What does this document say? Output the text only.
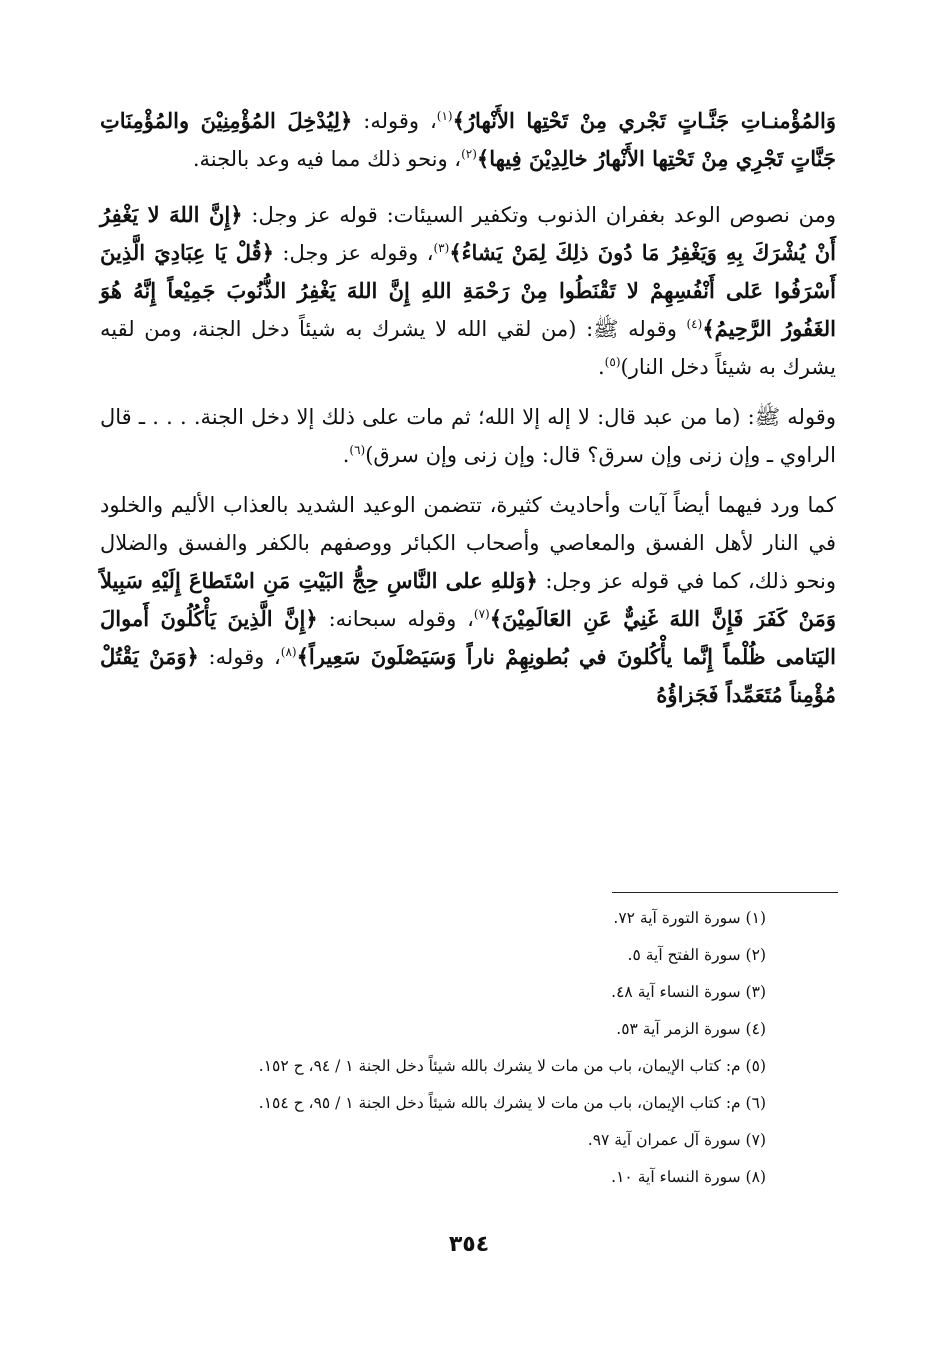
وَالمُؤْمنـاتِ جَنَّـاتٍ تَجْري مِنْ تَحْتِها الأَنْهارُ﴾$^{(١)}$، وقوله: ﴿لِيُدْخِلَ المُؤْمِنِيْنَ والمُؤْمِنَاتِ جَنَّاتٍ تَجْرِي مِنْ تَحْتِها الأَنْهارُ خالِدِيْنَ فِيها﴾$^{(٢)}$، ونحو ذلك مما فيه وعد بالجنة.

ومن نصوص الوعد بغفران الذنوب وتكفير السيئات: قوله عز وجل: ﴿إِنَّ اللهَ لا يَغْفِرُ أَنْ يُشْرَكَ بِهِ وَيَغْفِرُ مَا دُونَ ذلِكَ لِمَنْ يَشاءُ﴾$^{(٣)}$، وقوله عز وجل: ﴿قُلْ يَا عِبَادِيَ الَّذِينَ أَسْرَفُوا عَلى أَنْفُسِهِمْ لا تَقْنَطُوا مِنْ رَحْمَةِ اللهِ إِنَّ اللهَ يَغْفِرُ الذُّنُوبَ جَمِيْعاً إِنَّهُ هُوَ الغَفُورُ الرَّحِيمُ﴾$^{(٤)}$ وقوله ﷺ: (من لقي الله لا يشرك به شيئاً دخل الجنة، ومن لقيه يشرك به شيئاً دخل النار)$^{(٥)}$.

وقوله ﷺ: (ما من عبد قال: لا إله إلا الله؛ ثم مات على ذلك إلا دخل الجنة. . . . ـ قال الراوي ـ وإن زنى وإن سرق؟ قال: وإن زنى وإن سرق)$^{(٦)}$.

كما ورد فيهما أيضاً آيات وأحاديث كثيرة، تتضمن الوعيد الشديد بالعذاب الأليم والخلود في النار لأهل الفسق والمعاصي وأصحاب الكبائر ووصفهم بالكفر والفسق والضلال ونحو ذلك، كما في قوله عز وجل: ﴿وَللهِ على النَّاسِ حِجُّ البَيْتِ مَنِ اسْتَطاعَ إِلَيْهِ سَبِيلاً وَمَنْ كَفَرَ فَإِنَّ اللهَ غَنِيٌّ عَنِ العَالَمِيْنَ﴾$^{(٧)}$، وقوله سبحانه: ﴿إِنَّ الَّذِينَ يَأْكُلُونَ أَموالَ اليَتامى ظُلْماً إِنَّما يأْكُلونَ في بُطونِهِمْ ناراً وَسَيَصْلَونَ سَعِيراً﴾$^{(٨)}$، وقوله: ﴿وَمَنْ يَقْتُلْ مُؤْمِناً مُتَعَمِّداً فَجَزاؤُهُ

(١) سورة التورة آية ٧٢.
(٢) سورة الفتح آية ٥.
(٣) سورة النساء آية ٤٨.
(٤) سورة الزمر آية ٥٣.
(٥) م: كتاب الإيمان، باب من مات لا يشرك بالله شيئاً دخل الجنة ١ / ٩٤، ح ١٥٢.
(٦) م: كتاب الإيمان، باب من مات لا يشرك بالله شيئاً دخل الجنة ١ / ٩٥، ح ١٥٤.
(٧) سورة آل عمران آية ٩٧.
(٨) سورة النساء آية ١٠.
٣٥٤
